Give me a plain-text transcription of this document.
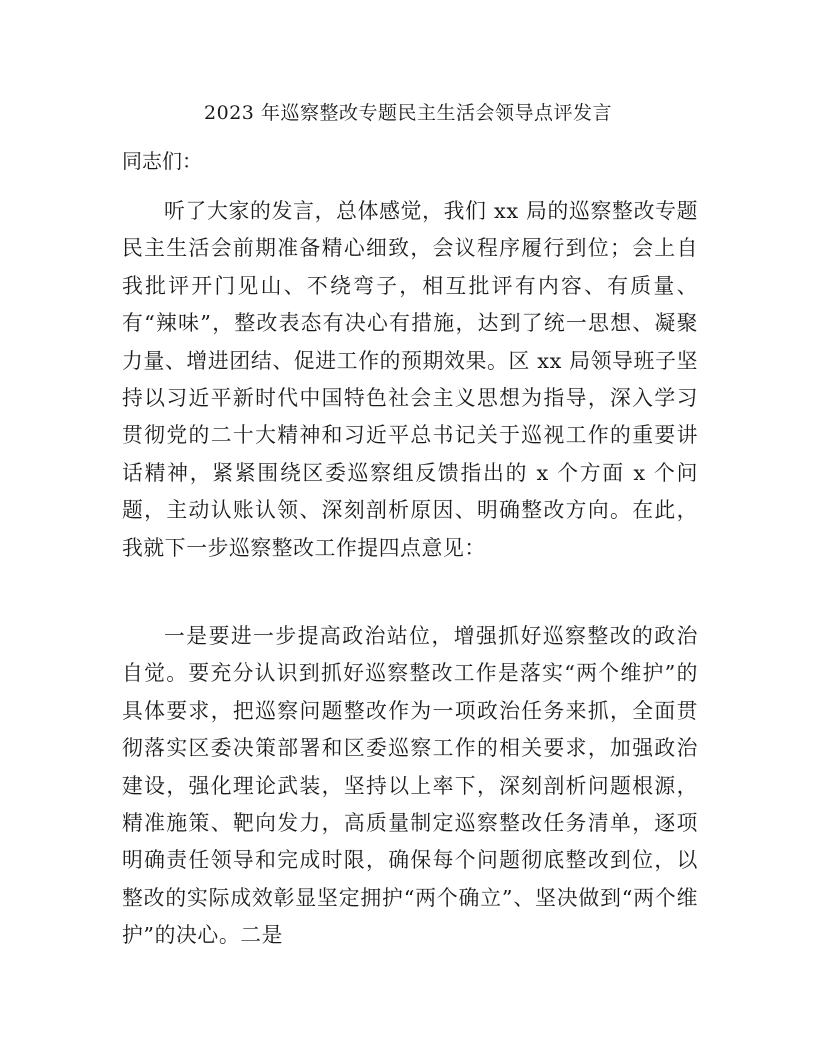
2023 年巡察整改专题民主生活会领导点评发言
同志们：

听了大家的发言，总体感觉，我们 xx 局的巡察整改专题民主生活会前期准备精心细致，会议程序履行到位；会上自我批评开门见山、不绕弯子，相互批评有内容、有质量、有“辣味”，整改表态有决心有措施，达到了统一思想、凝聚力量、增进团结、促进工作的预期效果。区 xx 局领导班子坚持以习近平新时代中国特色社会主义思想为指导，深入学习贯彻党的二十大精神和习近平总书记关于巡视工作的重要讲话精神，紧紧围绕区委巡察组反馈指出的 x 个方面 x 个问题，主动认账认领、深刻剖析原因、明确整改方向。在此，我就下一步巡察整改工作提四点意见：

一是要进一步提高政治站位，增强抓好巡察整改的政治自觉。要充分认识到抓好巡察整改工作是落实“两个维护”的具体要求，把巡察问题整改作为一项政治任务来抓，全面贯彻落实区委决策部署和区委巡察工作的相关要求，加强政治建设，强化理论武装，坚持以上率下，深刻剖析问题根源，精准施策、靶向发力，高质量制定巡察整改任务清单，逐项明确责任领导和完成时限，确保每个问题彻底整改到位，以整改的实际成效彰显坚定拥护“两个确立”、坚决做到“两个维护”的决心。二是
